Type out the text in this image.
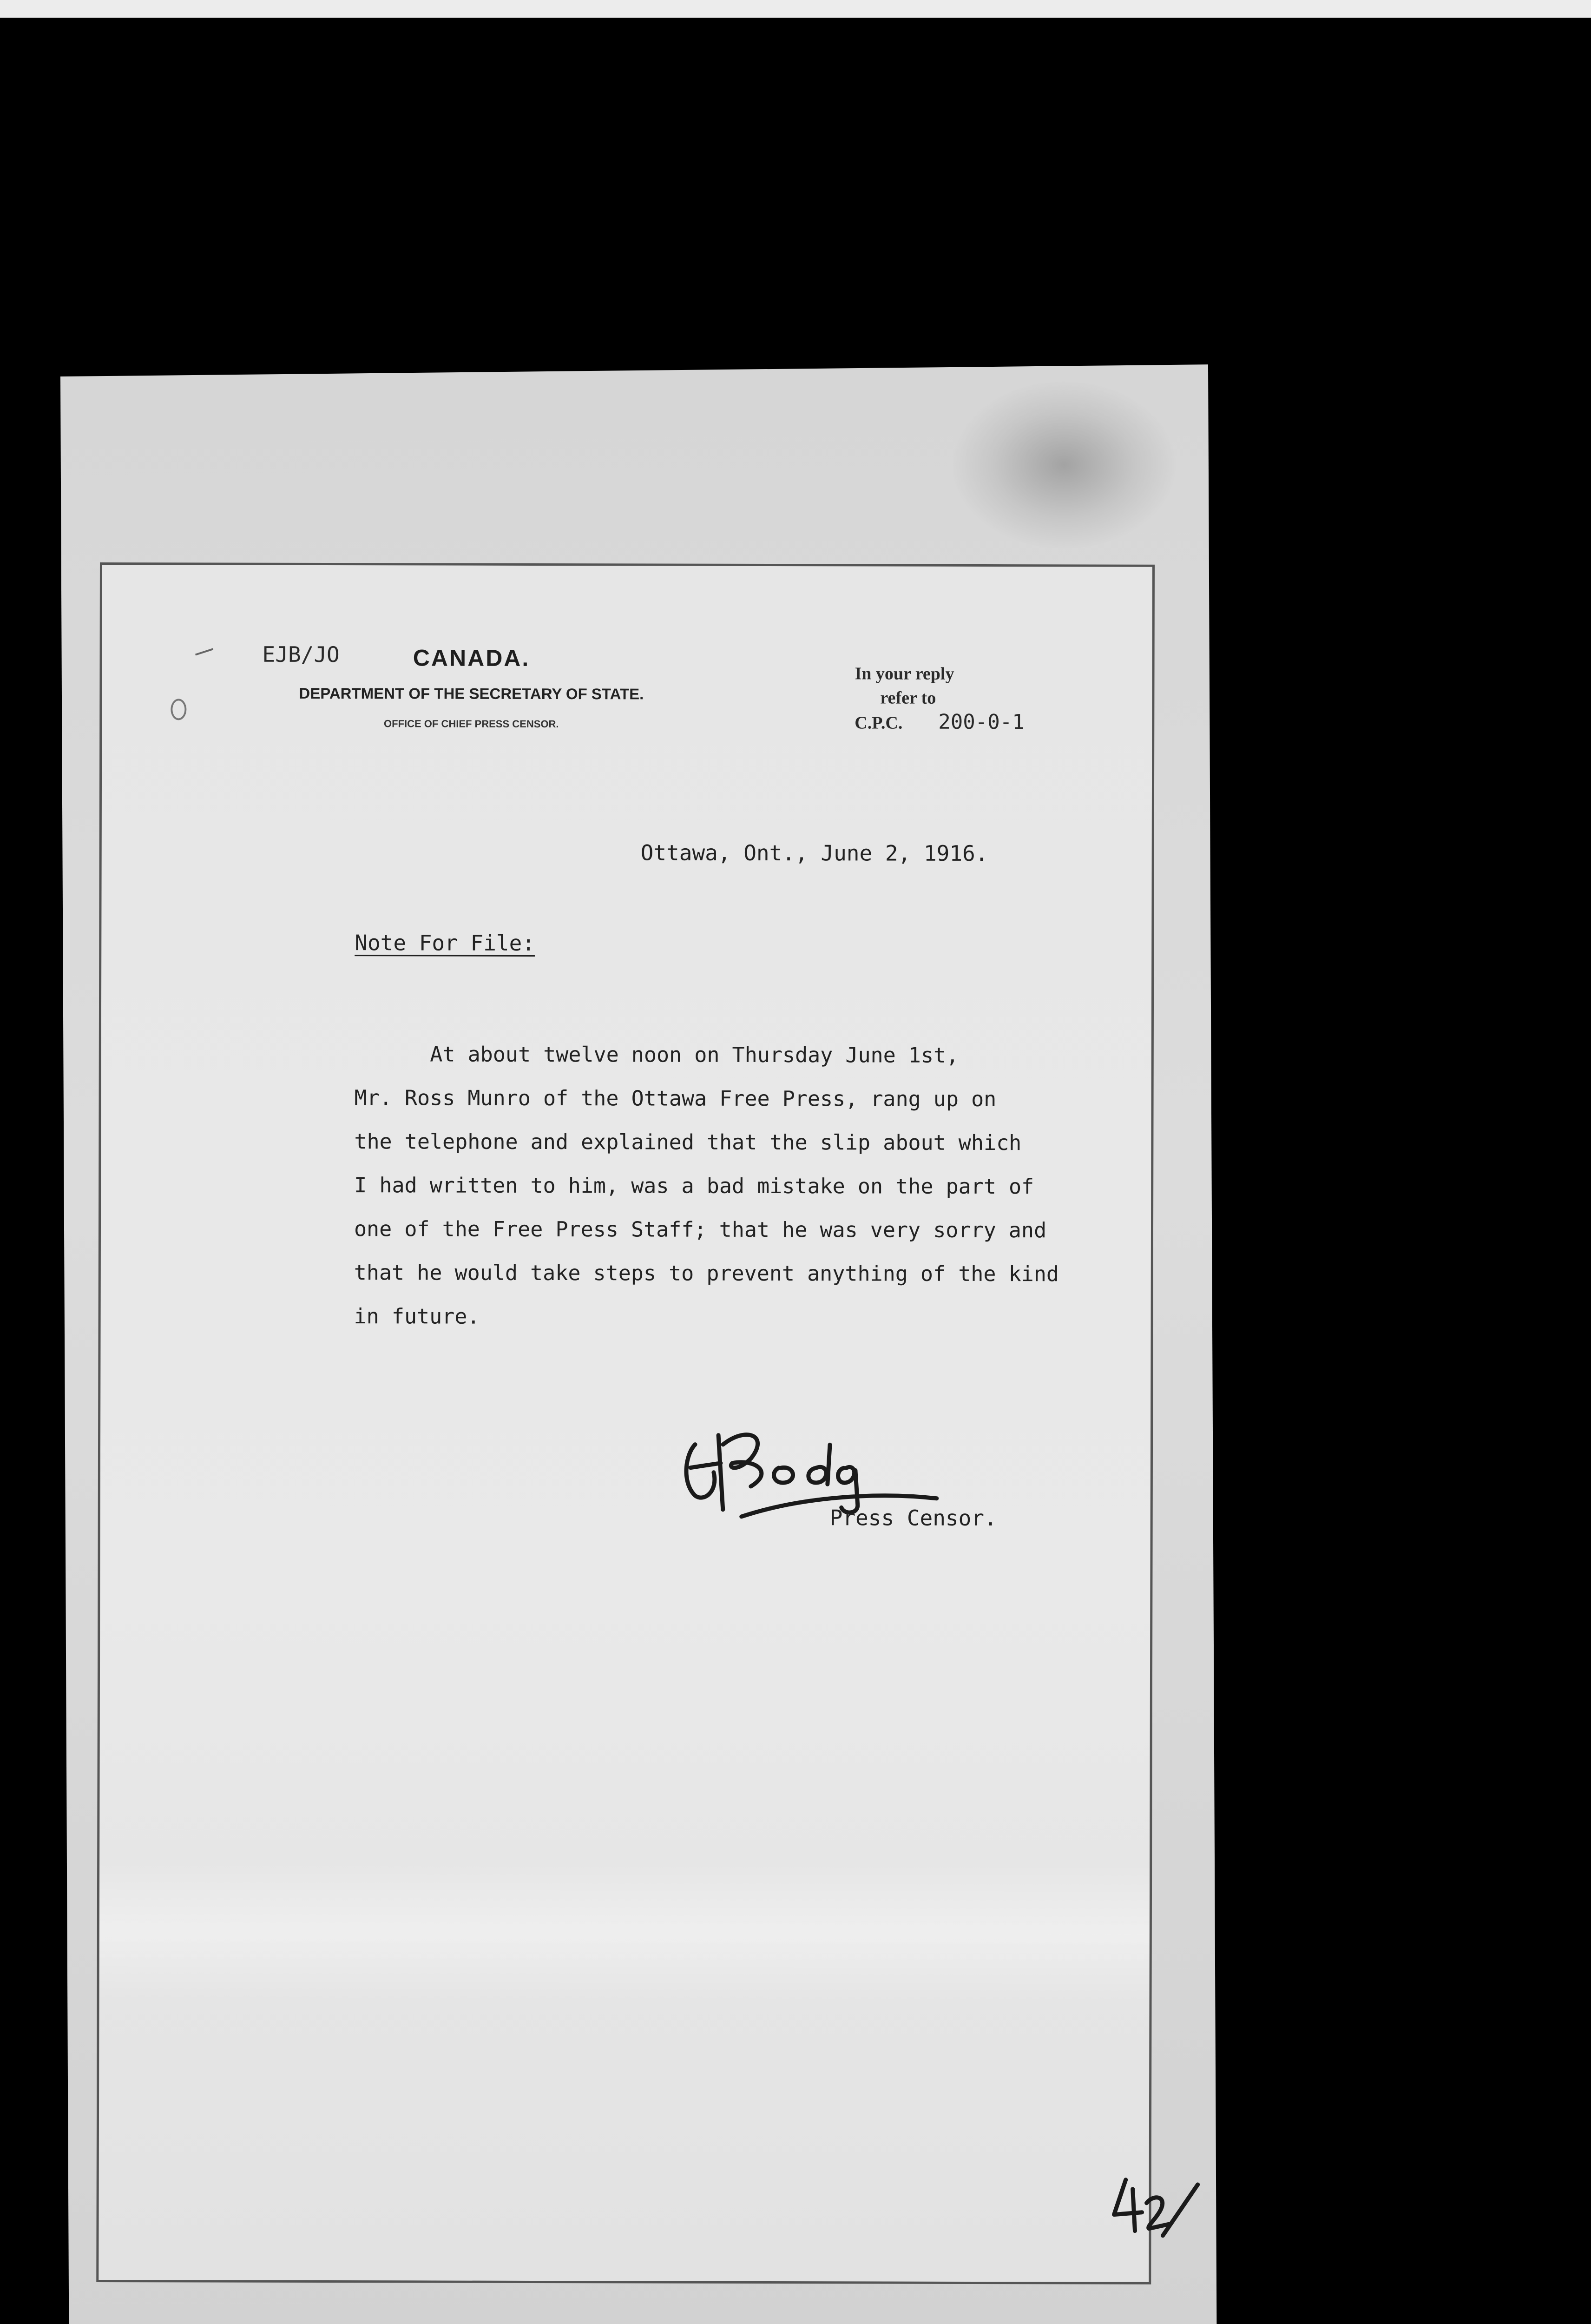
EJB/JO	CANADA.
DEPARTMENT OF THE SECRETARY OF STATE.
OFFICE OF CHIEF PRESS CENSOR.
In your reply
refer to
C.P.C. 200-0-1
Ottawa, Ont., June 2, 1916.
Note For File:
At about twelve noon on Thursday June 1st,
Mr. Ross Munro of the Ottawa Free Press, rang up on
the telephone and explained that the slip about which
I had written to him, was a bad mistake on the part of
one of the Free Press Staff; that he was very sorry and
that he would take steps to prevent anything of the kind
in future.
Press Censor.
